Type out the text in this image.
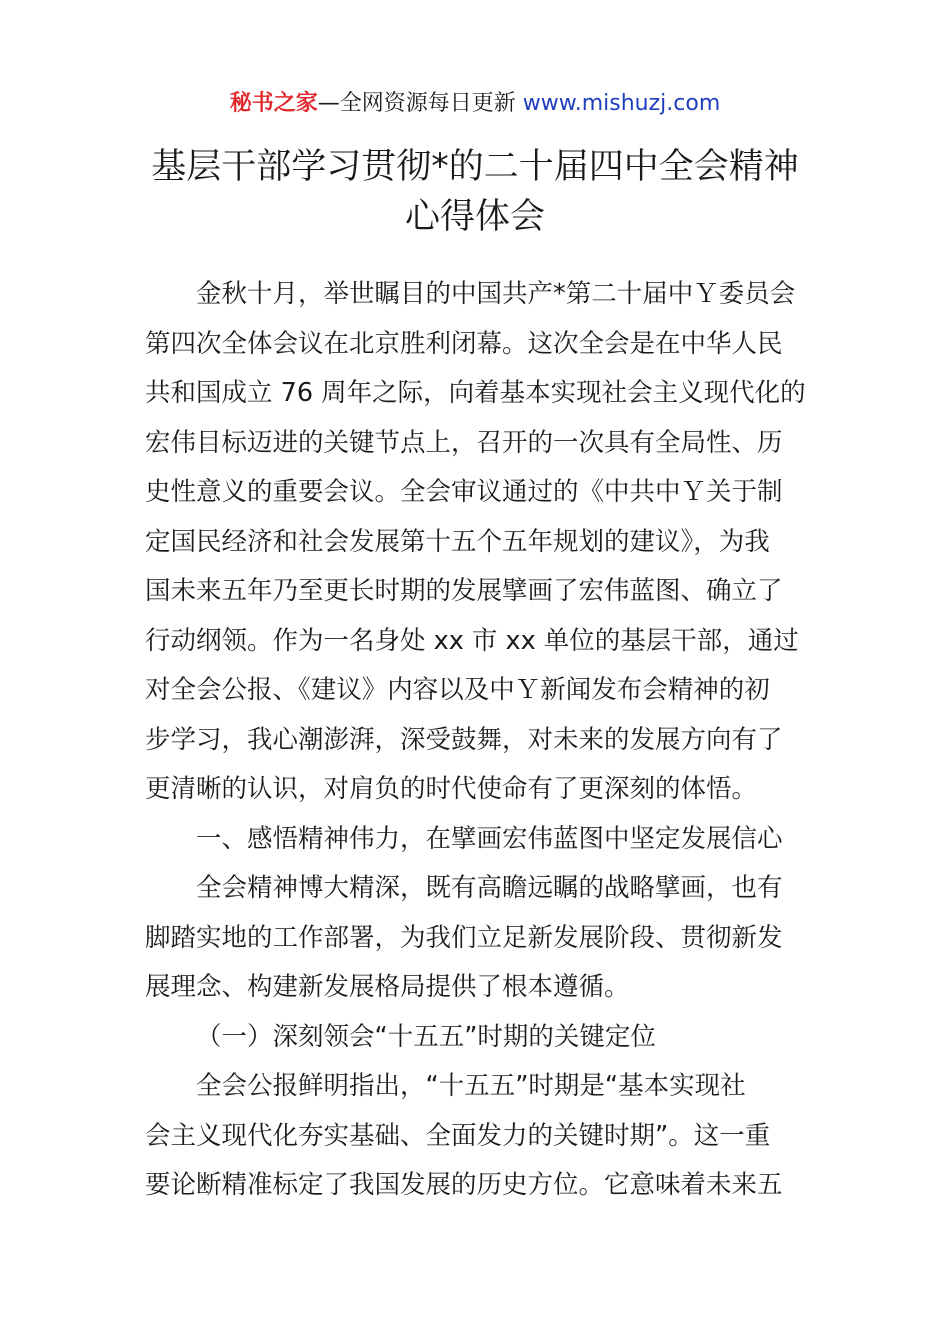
秘书之家—全网资源每日更新 www.mishuzj.com
基层干部学习贯彻*的二十届四中全会精神
心得体会
金秋十月，举世瞩目的中国共产*第二十届中Ｙ委员会
第四次全体会议在北京胜利闭幕。这次全会是在中华人民
共和国成立 76 周年之际，向着基本实现社会主义现代化的
宏伟目标迈进的关键节点上，召开的一次具有全局性、历
史性意义的重要会议。全会审议通过的《中共中Ｙ关于制
定国民经济和社会发展第十五个五年规划的建议》，为我
国未来五年乃至更长时期的发展擘画了宏伟蓝图、确立了
行动纲领。作为一名身处 xx 市 xx 单位的基层干部，通过
对全会公报、《建议》内容以及中Ｙ新闻发布会精神的初
步学习，我心潮澎湃，深受鼓舞，对未来的发展方向有了
更清晰的认识，对肩负的时代使命有了更深刻的体悟。
一、感悟精神伟力，在擘画宏伟蓝图中坚定发展信心
全会精神博大精深，既有高瞻远瞩的战略擘画，也有
脚踏实地的工作部署，为我们立足新发展阶段、贯彻新发
展理念、构建新发展格局提供了根本遵循。
（一）深刻领会“十五五”时期的关键定位
全会公报鲜明指出，“十五五”时期是“基本实现社
会主义现代化夯实基础、全面发力的关键时期”。这一重
要论断精准标定了我国发展的历史方位。它意味着未来五
